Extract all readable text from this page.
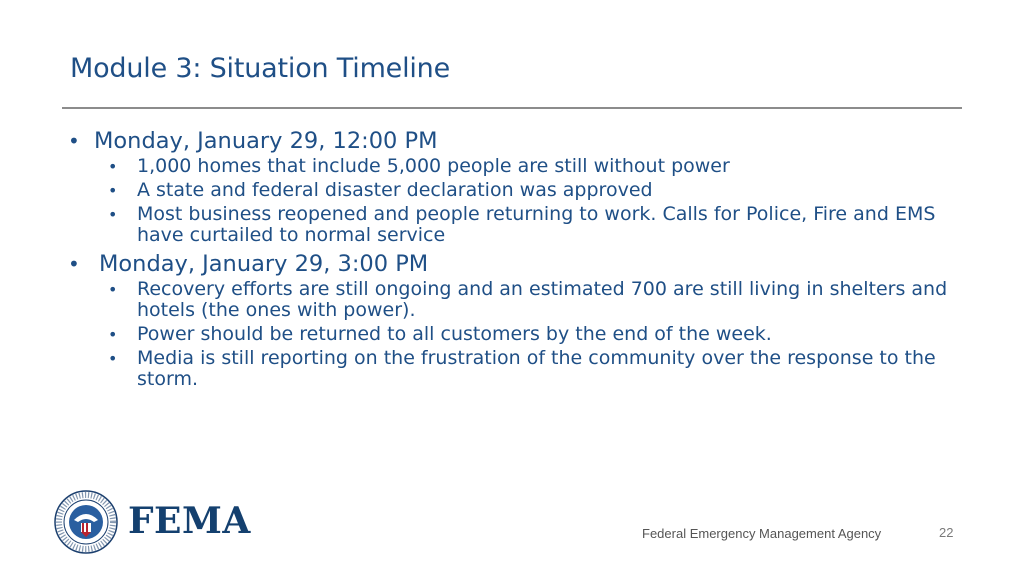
Module 3: Situation Timeline

• Monday, January 29, 12:00 PM

• 1,000 homes that include 5,000 people are still without power
• A state and federal disaster declaration was approved
• Most business reopened and people returning to work. Calls for Police, Fire and EMS have curtailed to normal service

• Monday, January 29, 3:00 PM

• Recovery efforts are still ongoing and an estimated 700 are still living in shelters and hotels (the ones with power).
• Power should be returned to all customers by the end of the week.
• Media is still reporting on the frustration of the community over the response to the storm.
FEMA	Federal Emergency Management Agency	22
